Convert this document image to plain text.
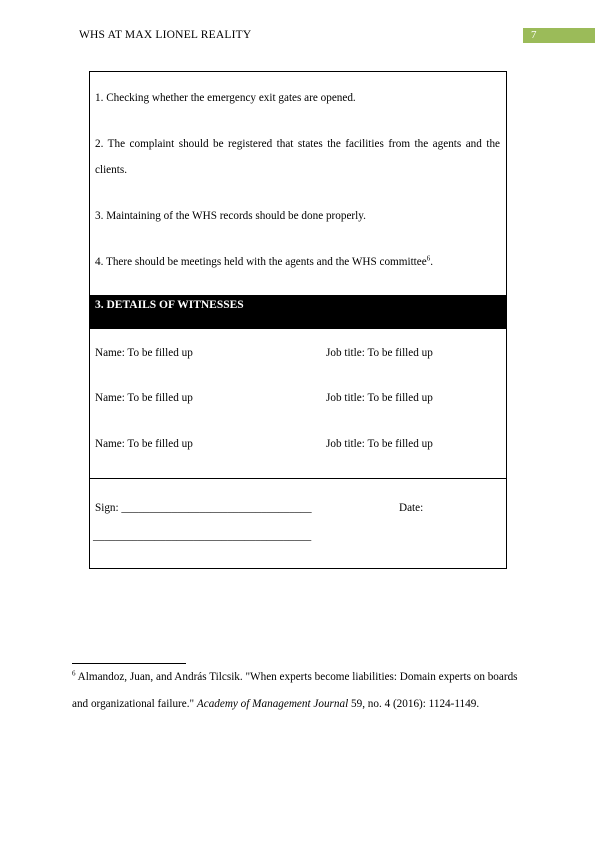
WHS AT MAX LIONEL REALITY	7
1. Checking whether the emergency exit gates are opened.
2. The complaint should be registered that states the facilities from the agents and the clients.
3. Maintaining of the WHS records should be done properly.
4. There should be meetings held with the agents and the WHS committee$^6$.
3. DETAILS OF WITNESSES
Name: To be filled up	Job title: To be filled up
Name: To be filled up	Job title: To be filled up
Name: To be filled up	Job title: To be filled up
Sign: __________________________________	Date:
_______________________________________
$^6$ Almandoz, Juan, and András Tilcsik. "When experts become liabilities: Domain experts on boards and organizational failure." Academy of Management Journal 59, no. 4 (2016): 1124-1149.
